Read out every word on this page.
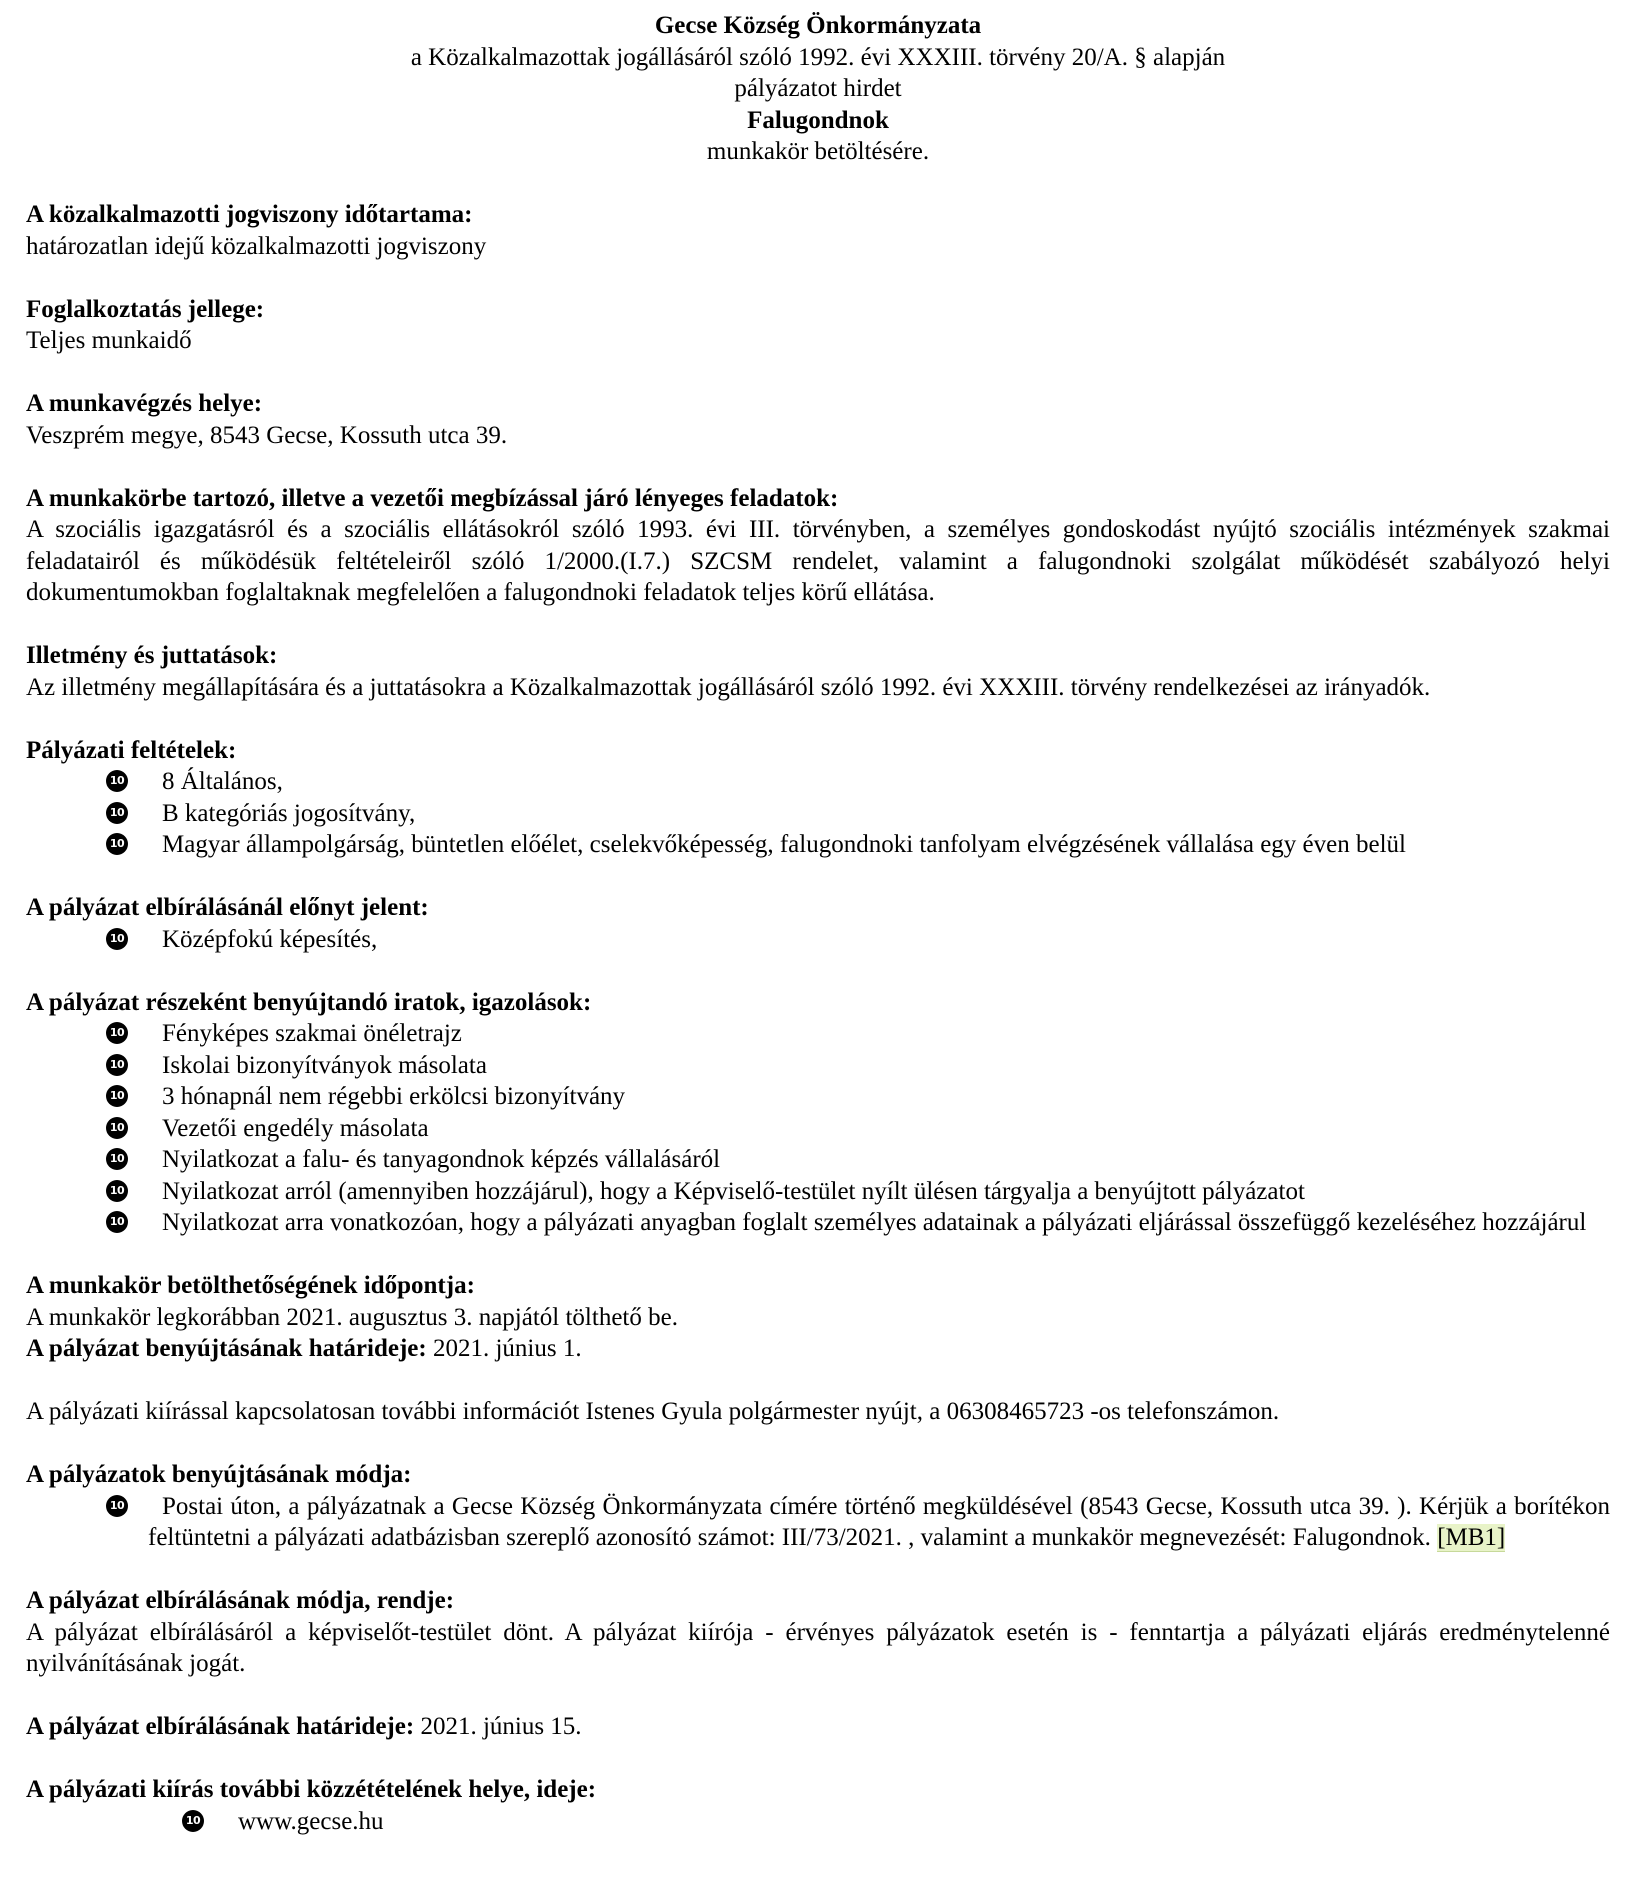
Gecse Község Önkormányzata
a Közalkalmazottak jogállásáról szóló 1992. évi XXXIII. törvény 20/A. § alapján
pályázatot hirdet
Falugondnok
munkakör betöltésére.
A közalkalmazotti jogviszony időtartama:
határozatlan idejű közalkalmazotti jogviszony
Foglalkoztatás jellege:
Teljes munkaidő
A munkavégzés helye:
Veszprém megye, 8543 Gecse, Kossuth utca 39.
A munkakörbe tartozó, illetve a vezetői megbízással járó lényeges feladatok:
A szociális igazgatásról és a szociális ellátásokról szóló 1993. évi III. törvényben, a személyes gondoskodást nyújtó szociális intézmények szakmai feladatairól és működésük feltételeiről szóló 1/2000.(I.7.) SZCSM rendelet, valamint a falugondnoki szolgálat működését szabályozó helyi dokumentumokban foglaltaknak megfelelően a falugondnoki feladatok teljes körű ellátása.
Illetmény és juttatások:
Az illetmény megállapítására és a juttatásokra a Közalkalmazottak jogállásáról szóló 1992. évi XXXIII. törvény rendelkezései az irányadók.
Pályázati feltételek:
10 8 Általános,
10 B kategóriás jogosítvány,
10 Magyar állampolgárság, büntetlen előélet, cselekvőképesség, falugondnoki tanfolyam elvégzésének vállalása egy éven belül
A pályázat elbírálásánál előnyt jelent:
10 Középfokú képesítés,
A pályázat részeként benyújtandó iratok, igazolások:
10 Fényképes szakmai önéletrajz
10 Iskolai bizonyítványok másolata
10 3 hónapnál nem régebbi erkölcsi bizonyítvány
10 Vezetői engedély másolata
10 Nyilatkozat a falu- és tanyagondnok képzés vállalásáról
10 Nyilatkozat arról (amennyiben hozzájárul), hogy a Képviselő-testület nyílt ülésen tárgyalja a benyújtott pályázatot
10 Nyilatkozat arra vonatkozóan, hogy a pályázati anyagban foglalt személyes adatainak a pályázati eljárással összefüggő kezeléséhez hozzájárul
A munkakör betölthetőségének időpontja:
A munkakör legkorábban 2021. augusztus 3. napjától tölthető be.
A pályázat benyújtásának határideje: 2021. június 1.
A pályázati kiírással kapcsolatosan további információt Istenes Gyula polgármester nyújt, a 06308465723 -os telefonszámon.
A pályázatok benyújtásának módja:
10 Postai úton, a pályázatnak a Gecse Község Önkormányzata címére történő megküldésével (8543 Gecse, Kossuth utca 39. ). Kérjük a borítékon feltüntetni a pályázati adatbázisban szereplő azonosító számot: III/73/2021. , valamint a munkakör megnevezését: Falugondnok. [MB1]
A pályázat elbírálásának módja, rendje:
A pályázat elbírálásáról a képviselőt-testület dönt. A pályázat kiírója - érvényes pályázatok esetén is - fenntartja a pályázati eljárás eredménytelenné nyilvánításának jogát.
A pályázat elbírálásának határideje: 2021. június 15.
A pályázati kiírás további közzétételének helye, ideje:
10 www.gecse.hu
